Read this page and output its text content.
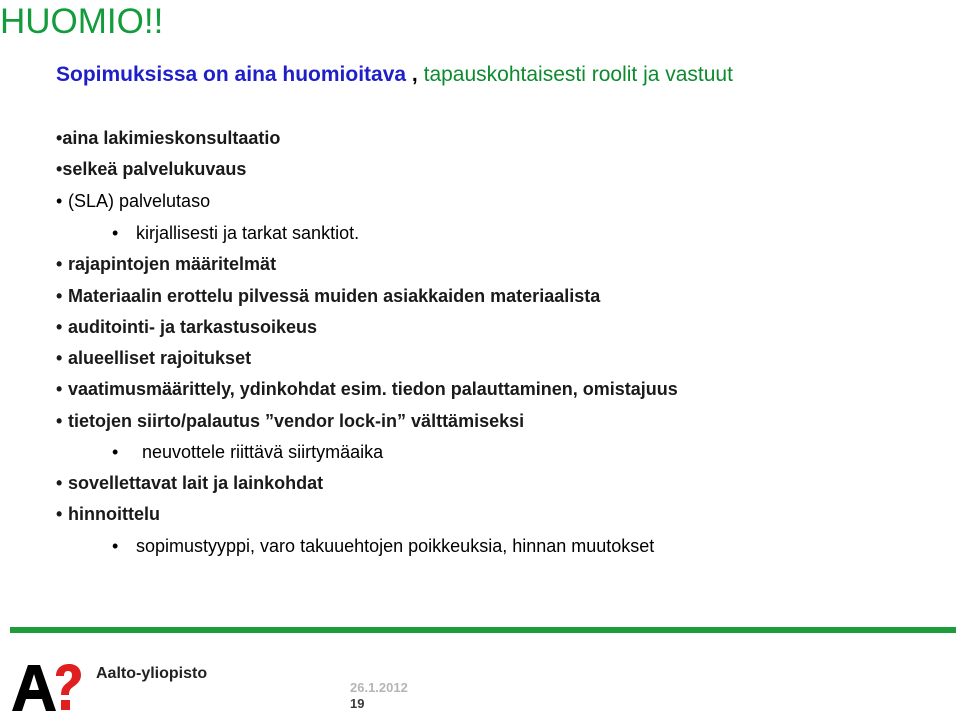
HUOMIO!!
Sopimuksissa on aina huomioitava , tapauskohtaisesti roolit ja vastuut
•aina lakimieskonsultaatio
•selkeä palvelukuvaus
• (SLA) palvelutaso
• kirjallisesti ja tarkat sanktiot.
• rajapintojen määritelmät
• Materiaalin erottelu pilvessä muiden asiakkaiden materiaalista
• auditointi- ja tarkastusoikeus
• alueelliset rajoitukset
• vaatimusmäärittely, ydinkohdat esim. tiedon palauttaminen, omistajuus
• tietojen siirto/palautus ”vendor lock-in” välttämiseksi
• neuvottele riittävä siirtymäaika
• sovellettavat lait ja lainkohdat
• hinnoittelu
• sopimustyyppi, varo takuuehtojen poikkeuksia, hinnan muutokset
Aalto-yliopisto
26.1.2012
19
